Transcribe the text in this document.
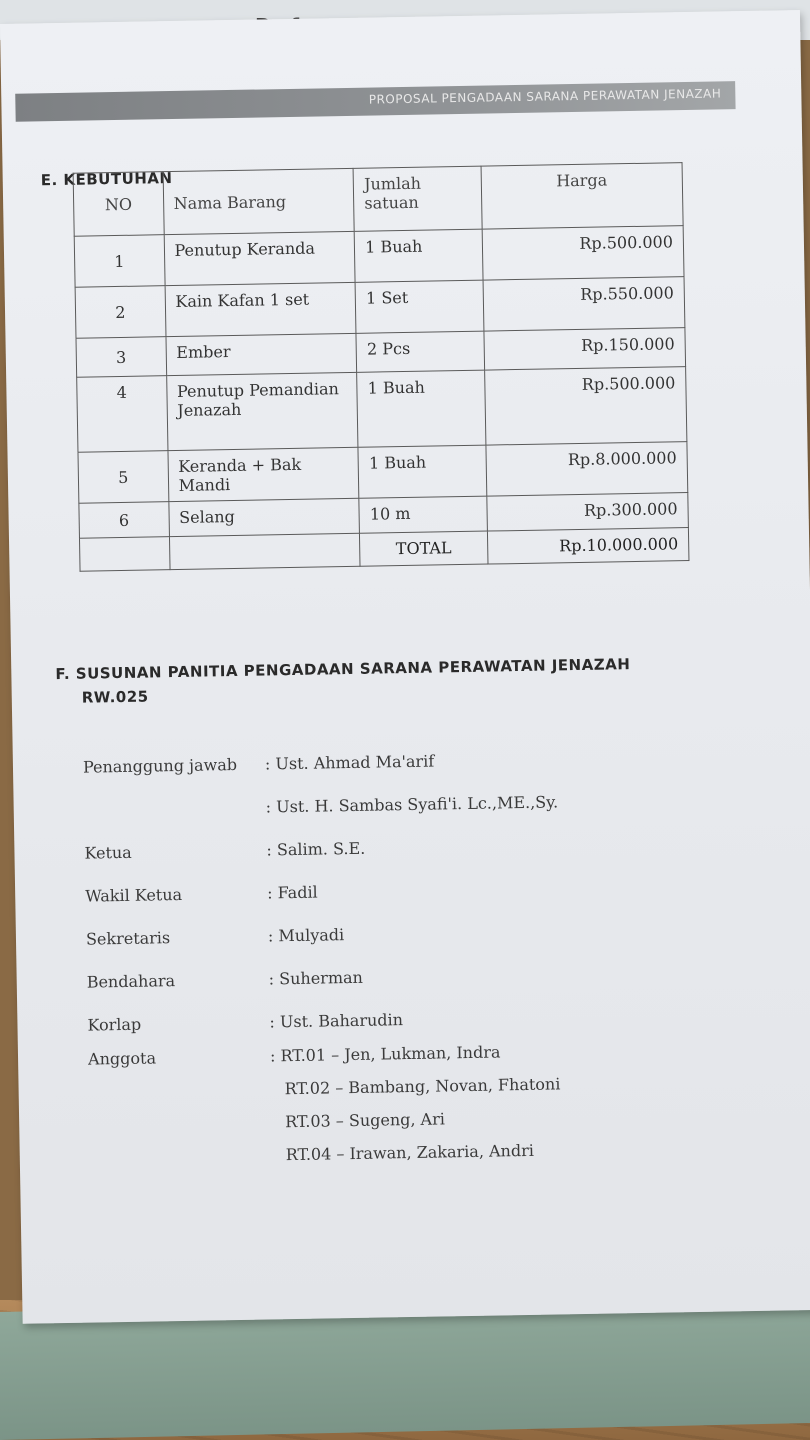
PROPOSAL PENGADAAN SARANA PERAWATAN JENAZAH
E. KEBUTUHAN
NO	Nama Barang	Jumlah satuan	Harga
1	Penutup Keranda	1 Buah	Rp.500.000
2	Kain Kafan 1 set	1 Set	Rp.550.000
3	Ember	2 Pcs	Rp.150.000
4	Penutup Pemandian Jenazah	1 Buah	Rp.500.000
5	Keranda + Bak Mandi	1 Buah	Rp.8.000.000
6	Selang	10 m	Rp.300.000
		TOTAL	Rp.10.000.000
F. SUSUNAN PANITIA PENGADAAN SARANA PERAWATAN JENAZAH
RW.025
Penanggung jawab : Ust. Ahmad Ma'arif
: Ust. H. Sambas Syafi'i. Lc.,ME.,Sy.
Ketua	: Salim. S.E.
Wakil Ketua	: Fadil
Sekretaris	: Mulyadi
Bendahara	: Suherman
Korlap	: Ust. Baharudin
Anggota	: RT.01 – Jen, Lukman, Indra
RT.02 – Bambang, Novan, Fhatoni
RT.03 – Sugeng, Ari
RT.04 – Irawan, Zakaria, Andri
